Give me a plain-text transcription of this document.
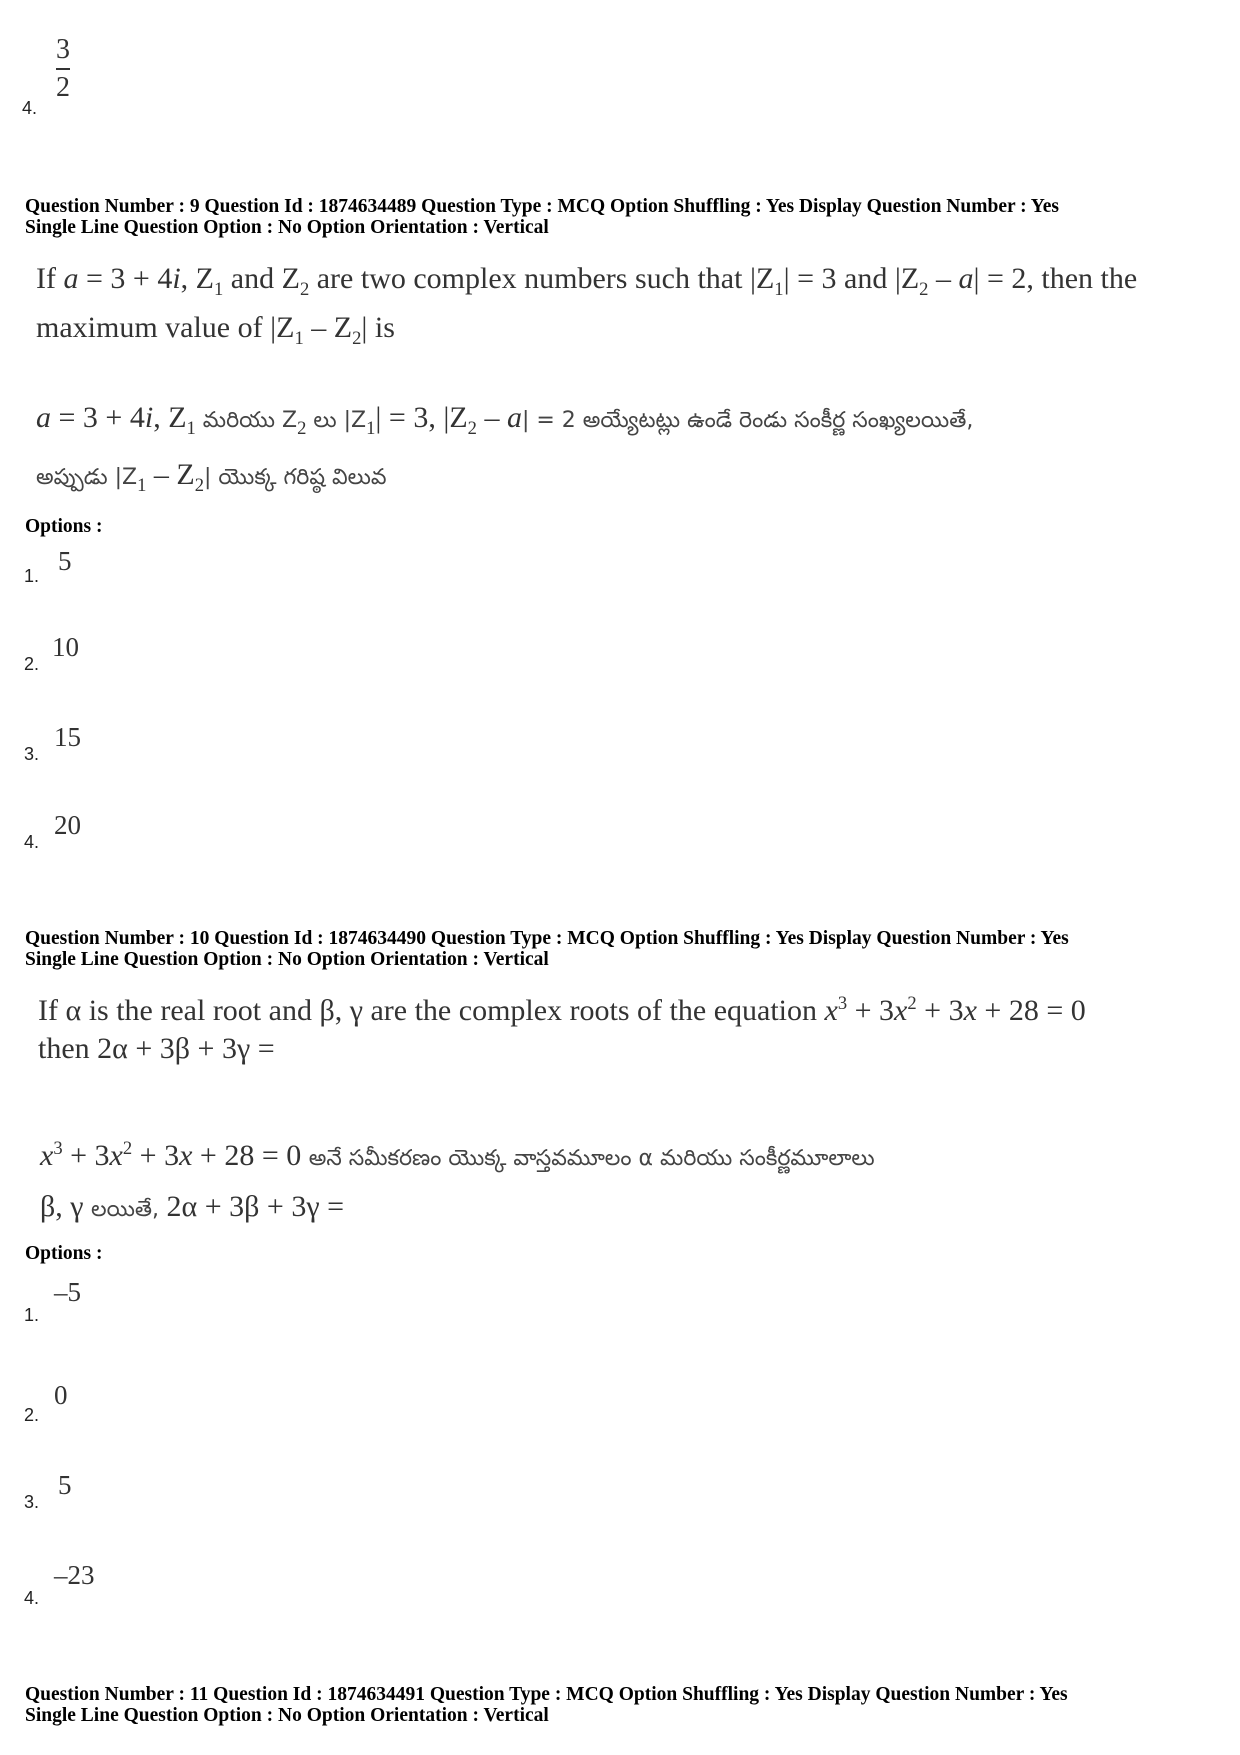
3
2
4.
Question Number : 9 Question Id : 1874634489 Question Type : MCQ Option Shuffling : Yes Display Question Number : Yes
Single Line Question Option : No Option Orientation : Vertical
If a = 3 + 4i, $Z_1$ and $Z_2$ are two complex numbers such that $|Z_1| = 3$ and $|Z_2 - a| = 2$, then the
maximum value of $|Z_1 - Z_2|$ is
a = 3 + 4i, $Z_1$ మరియు $Z_2$ లు $|Z_1| = 3$, $|Z_2 - a| = 2$ అయ్యేటట్లు ఉండే రెండు సంకీర్ణ సంఖ్యలయితే,
అప్పుడు $|Z_1 - Z_2|$ యొక్క గరిష్ఠ విలువ
Options :
5
1.
10
2.
15
3.
20
4.
Question Number : 10 Question Id : 1874634490 Question Type : MCQ Option Shuffling : Yes Display Question Number : Yes
Single Line Question Option : No Option Orientation : Vertical
If α is the real root and β, γ are the complex roots of the equation $x^3 + 3x^2 + 3x + 28 = 0$
then 2α + 3β + 3γ =
$x^3 + 3x^2 + 3x + 28 = 0$ అనే సమీకరణం యొక్క వాస్తవమూలం α మరియు సంకీర్ణమూలాలు
β, γ లయితే, 2α + 3β + 3γ =
Options :
–5
1.
0
2.
5
3.
–23
4.
Question Number : 11 Question Id : 1874634491 Question Type : MCQ Option Shuffling : Yes Display Question Number : Yes
Single Line Question Option : No Option Orientation : Vertical
